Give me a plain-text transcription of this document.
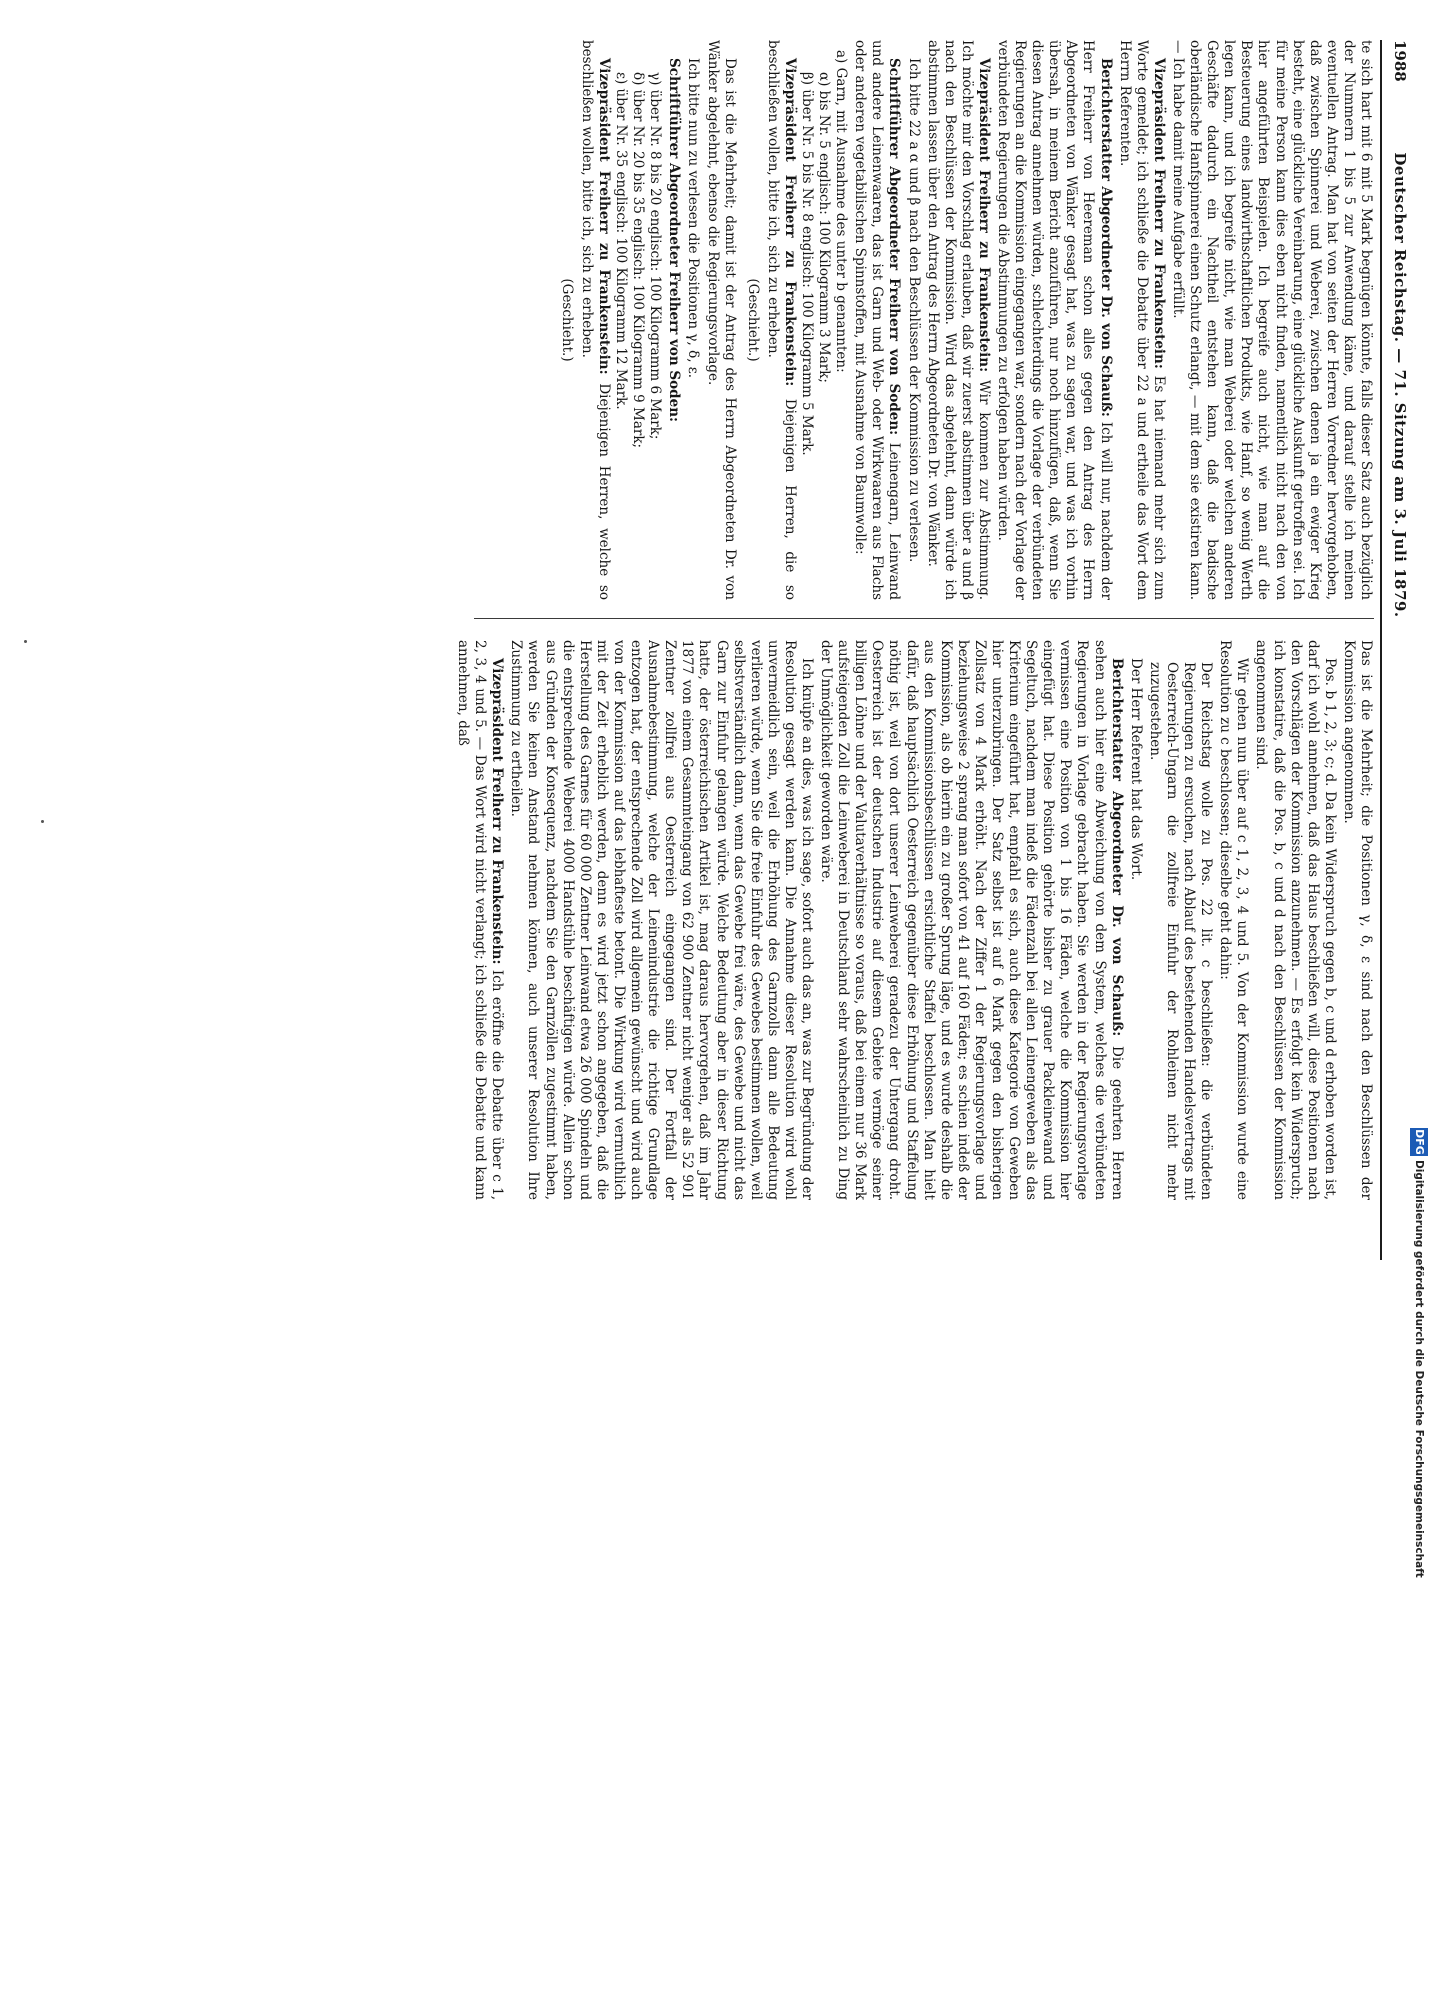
1988
Deutscher Reichstag. — 71. Sitzung am 3. Juli 1879.

te sich hart mit 6 mit 5 Mark begnügen könnte, falls dieser Satz auch bezüglich der Nummern 1 bis 5 zur Anwendung käme, und darauf stelle ich meinen eventuellen Antrag. Man hat von seiten der Herren Vorredner hervorgehoben, daß zwischen Spinnerei und Weberei, zwischen denen ja ein ewiger Krieg besteht, eine glückliche Vereinbarung, eine glückliche Auskunft getroffen sei. Ich für meine Person kann dies eben nicht finden, namentlich nicht nach den von hier angeführten Beispielen. Ich begreife auch nicht, wie man auf die Besteuerung eines landwirthschaftlichen Produkts, wie Hanf, so wenig Werth legen kann, und ich begreife nicht, wie man Weberei oder welchen anderen Geschäfte dadurch ein Nachtheil entstehen kann, daß die badische oberländische Hanfspinnerei einen Schutz erlangt, — mit dem sie existiren kann. — Ich habe damit meine Aufgabe erfüllt.

Vizepräsident Freiherr zu Frankenstein: Es hat niemand mehr sich zum Worte gemeldet; ich schließe die Debatte über 22 a und ertheile das Wort dem Herrn Referenten.

Berichterstatter Abgeordneter Dr. von Schauß: Ich will nur, nachdem der Herr Freiherr von Heereman schon alles gegen den Antrag des Herrn Abgeordneten von Wänker gesagt hat, was zu sagen war, und was ich vorhin übersah, in meinem Bericht anzuführen, nur noch hinzufügen, daß, wenn Sie diesen Antrag annehmen würden, schlechterdings die Vorlage der verbündeten Regierungen an die Kommission eingegangen war, sondern nach der Vorlage der verbündeten Regierungen die Abstimmungen zu erfolgen haben würden.

Vizepräsident Freiherr zu Frankenstein: Wir kommen zur Abstimmung. Ich möchte mir den Vorschlag erlauben, daß wir zuerst abstimmen über a und β nach den Beschlüssen der Kommission. Wird das abgelehnt, dann würde ich abstimmen lassen über den Antrag des Herrn Abgeordneten Dr. von Wänker.

Ich bitte 22 a α und β nach den Beschlüssen der Kommission zu verlesen.

Schriftführer Abgeordneter Freiherr von Soden: Leinengarn, Leinwand und andere Leinenwaaren, das ist Garn und Web- oder Wirkwaaren aus Flachs oder anderen vegetabilischen Spinnstoffen, mit Ausnahme von Baumwolle:

a) Garn, mit Ausnahme des unter b genannten:

α) bis Nr. 5 englisch: 100 Kilogramm 3 Mark;

β) über Nr. 5 bis Nr. 8 englisch: 100 Kilogramm 5 Mark.

Vizepräsident Freiherr zu Frankenstein: Diejenigen Herren, die so beschließen wollen, bitte ich, sich zu erheben.

(Geschieht.)

Das ist die Mehrheit; damit ist der Antrag des Herrn Abgeordneten Dr. von Wänker abgelehnt, ebenso die Regierungsvorlage.

Ich bitte nun zu verlesen die Positionen γ, δ, ε.

Schriftführer Abgeordneter Freiherr von Soden:

γ) über Nr. 8 bis 20 englisch: 100 Kilogramm 6 Mark;

δ) über Nr. 20 bis 35 englisch: 100 Kilogramm 9 Mark;

ε) über Nr. 35 englisch: 100 Kilogramm 12 Mark.

Vizepräsident Freiherr zu Frankenstein: Diejenigen Herren, welche so beschließen wollen, bitte ich, sich zu erheben.

(Geschieht.)

Das ist die Mehrheit; die Positionen γ, δ, ε sind nach den Beschlüssen der Kommission angenommen.

Pos. b 1, 2, 3; c; d. Da kein Widerspruch gegen b, c und d erhoben worden ist, darf ich wohl annehmen, daß das Haus beschließen will, diese Positionen nach den Vorschlägen der Kommission anzunehmen. — Es erfolgt kein Widerspruch; ich konstatire, daß die Pos. b, c und d nach den Beschlüssen der Kommission angenommen sind.

Wir gehen nun über auf c 1, 2, 3, 4 und 5. Von der Kommission wurde eine Resolution zu c beschlossen; dieselbe geht dahin:

Der Reichstag wolle zu Pos. 22 lit. c beschließen: die verbündeten Regierungen zu ersuchen, nach Ablauf des bestehenden Handelsvertrags mit Oesterreich-Ungarn die zollfreie Einfuhr der Rohleinen nicht mehr zuzugestehen.

Der Herr Referent hat das Wort.

Berichterstatter Abgeordneter Dr. von Schauß: Die geehrten Herren sehen auch hier eine Abweichung von dem System, welches die verbündeten Regierungen in Vorlage gebracht haben. Sie werden in der Regierungsvorlage vermissen eine Position von 1 bis 16 Fäden, welche die Kommission hier eingefügt hat. Diese Position gehörte bisher zu grauer Packleinewand und Segeltuch, nachdem man indeß die Fädenzahl bei allen Leinengeweben als das Kriterium eingeführt hat, empfahl es sich, auch diese Kategorie von Geweben hier unterzubringen. Der Satz selbst ist auf 6 Mark gegen den bisherigen Zollsatz von 4 Mark erhöht. Nach der Ziffer 1 der Regierungsvorlage und beziehungsweise 2 sprang man sofort von 41 auf 160 Fäden; es schien indeß der Kommission, als ob hierin ein zu großer Sprung läge, und es wurde deshalb die aus den Kommissionsbeschlüssen ersichtliche Staffel beschlossen. Man hielt dafür, daß hauptsächlich Oesterreich gegenüber diese Erhöhung und Staffelung nöthig ist, weil von dort unserer Leinweberei geradezu der Untergang droht. Oesterreich ist der deutschen Industrie auf diesem Gebiete vermöge seiner billigen Löhne und der Valutaverhältnisse so voraus, daß bei einem nur 36 Mark aufsteigenden Zoll die Leinweberei in Deutschland sehr wahrscheinlich zu Ding der Unmöglichkeit geworden wäre.

Ich knüpfe an dies, was ich sage, sofort auch das an, was zur Begründung der Resolution gesagt werden kann. Die Annahme dieser Resolution wird wohl unvermeidlich sein, weil die Erhöhung des Garnzolls dann alle Bedeutung verlieren würde, wenn Sie die freie Einfuhr des Gewebes bestimmen wollen, weil selbstverständlich dann, wenn das Gewebe frei wäre, des Gewebe und nicht das Garn zur Einfuhr gelangen würde. Welche Bedeutung aber in dieser Richtung hatte, der österreichischen Artikel ist, mag daraus hervorgehen, daß im Jahr 1877 von einem Gesammteingang von 62 900 Zentner nicht weniger als 52 901 Zentner zollfrei aus Oesterreich eingegangen sind. Der Fortfall der Ausnahmebestimmung, welche der Leinenindustrie die richtige Grundlage entzogen hat, der entsprechende Zoll wird allgemein gewünscht und wird auch von der Kommission auf das lebhafteste betont. Die Wirkung wird vermuthlich mit der Zeit erheblich werden, denn es wird jetzt schon angegeben, daß die Herstellung des Garnes für 60 000 Zentner Leinwand etwa 26 000 Spindeln und die entsprechende Weberei 4000 Handstühle beschäftigen würde. Allein schon aus Gründen der Konsequenz, nachdem Sie den Garnzöllen zugestimmt haben, werden Sie keinen Anstand nehmen können, auch unserer Resolution Ihre Zustimmung zu ertheilen.

Vizepräsident Freiherr zu Frankenstein: Ich eröffne die Debatte über c 1, 2, 3, 4 und 5. — Das Wort wird nicht verlangt; ich schließe die Debatte und kann annehmen, daß

DFG
Digitalisierung gefördert durch die Deutsche Forschungsgemeinschaft
